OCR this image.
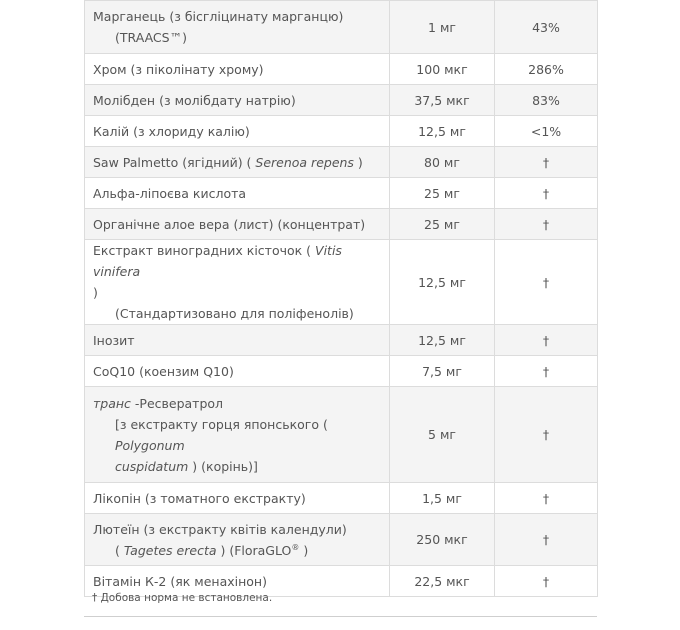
Марганець (з бісгліцинату марганцю)
(TRAACS™)	1 мг	43%
Хром (з піколінату хрому)	100 мкг	286%
Молібден (з молібдату натрію)	37,5 мкг	83%
Калій (з хлориду калію)	12,5 мг	<1%
Saw Palmetto (ягідний) ( Serenoa repens )	80 мг	†
Альфа-ліпоєва кислота	25 мг	†
Органічне алое вера (лист) (концентрат)	25 мг	†
Екстракт виноградних кісточок ( Vitis vinifera
)
(Стандартизовано для поліфенолів)	12,5 мг	†
Інозит	12,5 мг	†
CoQ10 (коензим Q10)	7,5 мг	†
транс -Ресвератрол
[з екстракту горця японського (
Polygonum
cuspidatum ) (корінь)]	5 мг	†
Лікопін (з томатного екстракту)	1,5 мг	†
Лютеїн (з екстракту квітів календули)
( Tagetes erecta ) (FloraGLO® )	250 мкг	†
Вітамін К-2 (як менахінон)	22,5 мкг	†
† Добова норма не встановлена.
